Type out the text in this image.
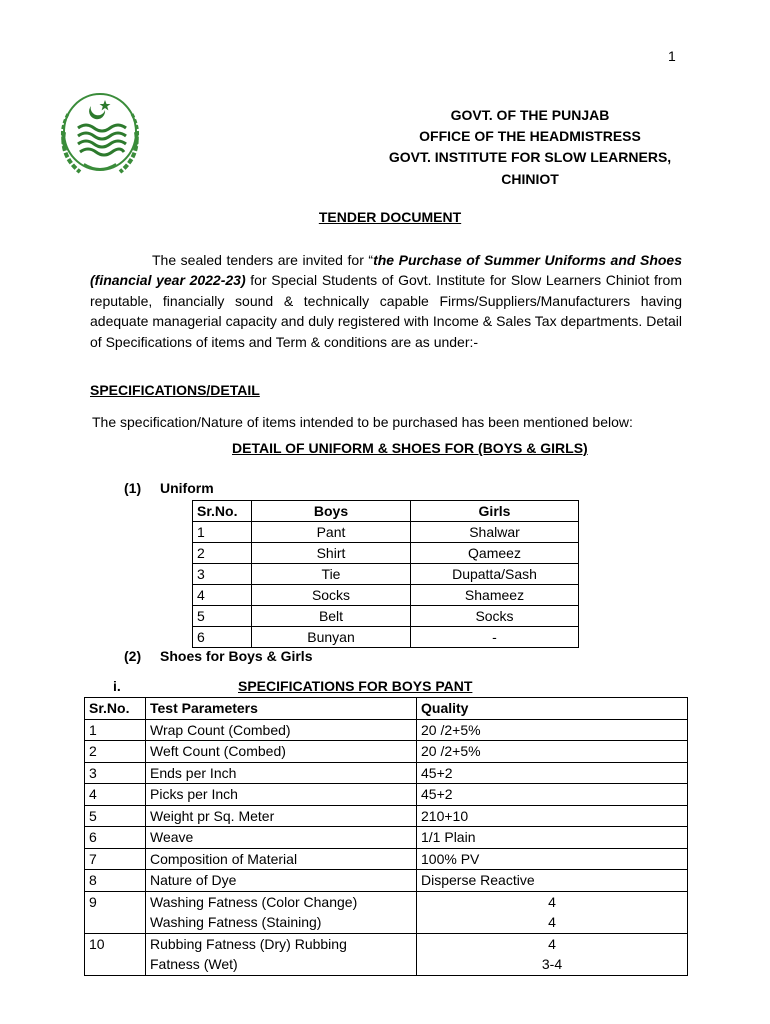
1
GOVT. OF THE PUNJAB
OFFICE OF THE HEADMISTRESS
GOVT. INSTITUTE FOR SLOW LEARNERS,
CHINIOT
TENDER DOCUMENT
The sealed tenders are invited for “the Purchase of Summer Uniforms and Shoes (financial year 2022-23) for Special Students of Govt. Institute for Slow Learners Chiniot from reputable, financially sound & technically capable Firms/Suppliers/Manufacturers having adequate managerial capacity and duly registered with Income & Sales Tax departments. Detail of Specifications of items and Term & conditions are as under:-
SPECIFICATIONS/DETAIL
The specification/Nature of items intended to be purchased has been mentioned below:
DETAIL OF UNIFORM & SHOES FOR (BOYS & GIRLS)
(1) Uniform
Sr.No.	Boys	Girls
1	Pant	Shalwar
2	Shirt	Qameez
3	Tie	Dupatta/Sash
4	Socks	Shameez
5	Belt	Socks
6	Bunyan	-
(2) Shoes for Boys & Girls
i.	SPECIFICATIONS FOR BOYS PANT
Sr.No.	Test Parameters	Quality
1	Wrap Count (Combed)	20 /2+5%
2	Weft Count (Combed)	20 /2+5%
3	Ends per Inch	45+2
4	Picks per Inch	45+2
5	Weight pr Sq. Meter	210+10
6	Weave	1/1 Plain
7	Composition of Material	100% PV
8	Nature of Dye	Disperse Reactive
9	Washing Fatness (Color Change)	4
	Washing Fatness (Staining)	4
10	Rubbing Fatness (Dry) Rubbing	4
	Fatness (Wet)	3-4
